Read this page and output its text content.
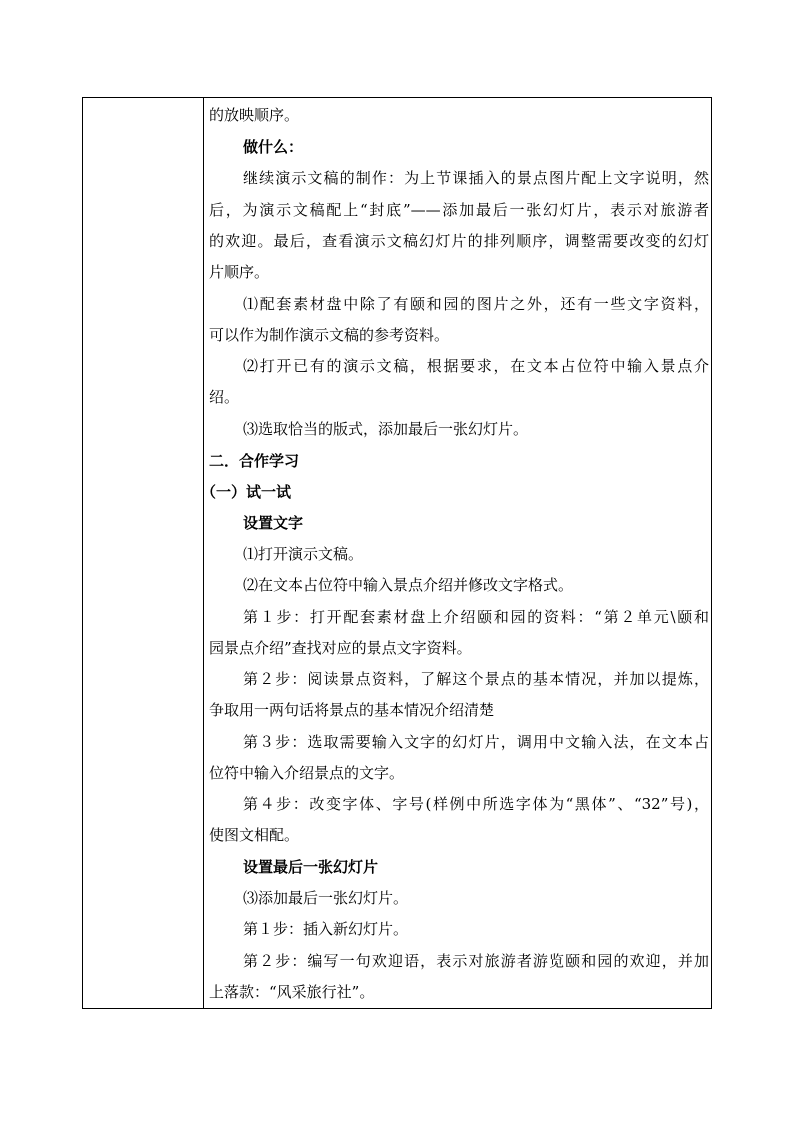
的放映顺序。
做什么：
继续演示文稿的制作：为上节课插入的景点图片配上文字说明，然
后，为演示文稿配上“封底”——添加最后一张幻灯片，表示对旅游者
的欢迎。最后，查看演示文稿幻灯片的排列顺序，调整需要改变的幻灯
片顺序。
⑴配套素材盘中除了有颐和园的图片之外，还有一些文字资料，
可以作为制作演示文稿的参考资料。
⑵打开已有的演示文稿，根据要求，在文本占位符中输入景点介
绍。
⑶选取恰当的版式，添加最后一张幻灯片。
二．合作学习
（一）试一试
设置文字
⑴打开演示文稿。
⑵在文本占位符中输入景点介绍并修改文字格式。
第１步：打开配套素材盘上介绍颐和园的资料：“第２单元\颐和
园景点介绍”查找对应的景点文字资料。
第２步：阅读景点资料，了解这个景点的基本情况，并加以提炼，
争取用一两句话将景点的基本情况介绍清楚
第３步：选取需要输入文字的幻灯片，调用中文输入法，在文本占
位符中输入介绍景点的文字。
第４步：改变字体、字号(样例中所选字体为“黑体”、“32”号)，
使图文相配。
设置最后一张幻灯片
⑶添加最后一张幻灯片。
第１步：插入新幻灯片。
第２步：编写一句欢迎语，表示对旅游者游览颐和园的欢迎，并加
上落款：“风采旅行社”。
